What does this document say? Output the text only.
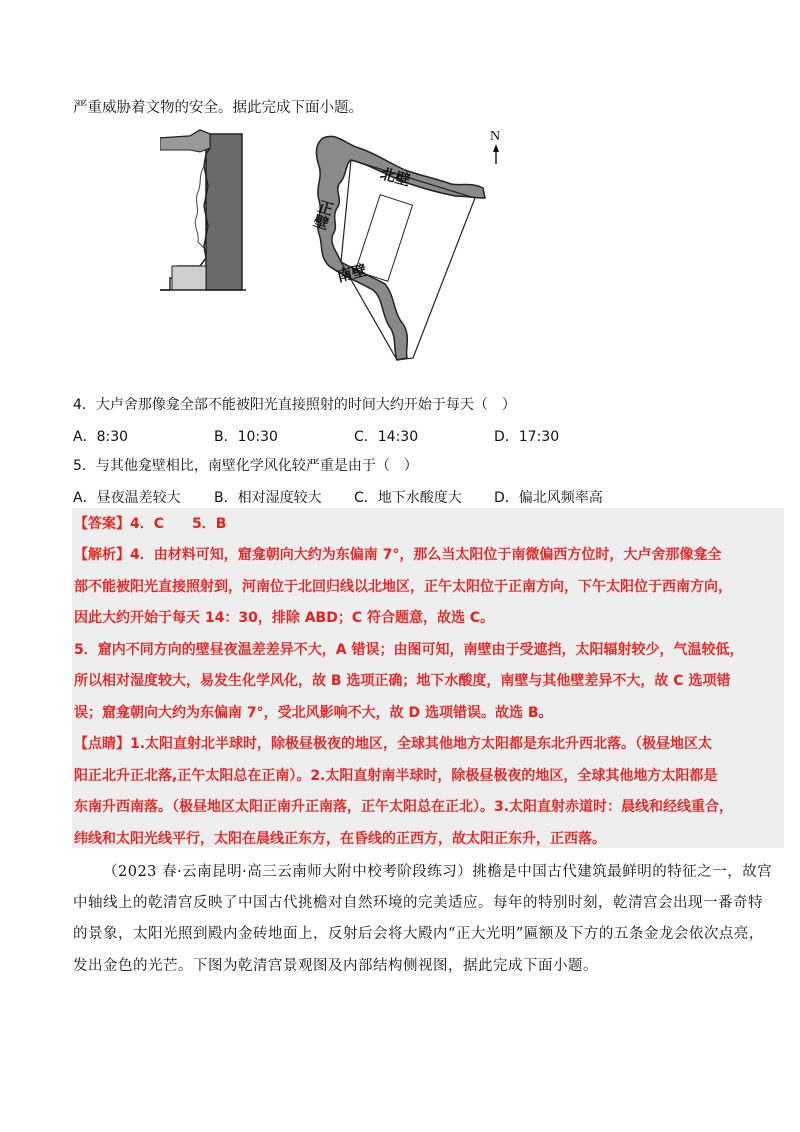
严重威胁着文物的安全。据此完成下面小题。
N
北壁
正壁
南壁
4．大卢舍那像龛全部不能被阳光直接照射的时间大约开始于每天（　）
A．8:30	B．10:30	C．14:30	D．17:30
5．与其他龛壁相比，南壁化学风化较严重是由于（　）
A．昼夜温差较大 B．相对湿度较大 C．地下水酸度大 D．偏北风频率高
【答案】4．C　　5．B
【解析】4．由材料可知，窟龛朝向大约为东偏南 7°，那么当太阳位于南微偏西方位时，大卢舍那像龛全
部不能被阳光直接照射到，河南位于北回归线以北地区，正午太阳位于正南方向，下午太阳位于西南方向，
因此大约开始于每天 14：30，排除 ABD；C 符合题意，故选 C。
5．窟内不同方向的壁昼夜温差差异不大，A 错误；由图可知，南壁由于受遮挡，太阳辐射较少，气温较低，
所以相对湿度较大，易发生化学风化，故 B 选项正确；地下水酸度，南壁与其他壁差异不大，故 C 选项错
误；窟龛朝向大约为东偏南 7°，受北风影响不大，故 D 选项错误。故选 B。
【点睛】1.太阳直射北半球时，除极昼极夜的地区，全球其他地方太阳都是东北升西北落。（极昼地区太
阳正北升正北落,正午太阳总在正南）。2.太阳直射南半球时，除极昼极夜的地区，全球其他地方太阳都是
东南升西南落。（极昼地区太阳正南升正南落，正午太阳总在正北）。3.太阳直射赤道时：晨线和经线重合，
纬线和太阳光线平行，太阳在晨线正东方，在昏线的正西方，故太阳正东升，正西落。
（2023 春·云南昆明·高三云南师大附中校考阶段练习）挑檐是中国古代建筑最鲜明的特征之一，故宫
中轴线上的乾清宫反映了中国古代挑檐对自然环境的完美适应。每年的特别时刻，乾清宫会出现一番奇特
的景象，太阳光照到殿内金砖地面上，反射后会将大殿内“正大光明”匾额及下方的五条金龙会依次点亮，
发出金色的光芒。下图为乾清宫景观图及内部结构侧视图，据此完成下面小题。
